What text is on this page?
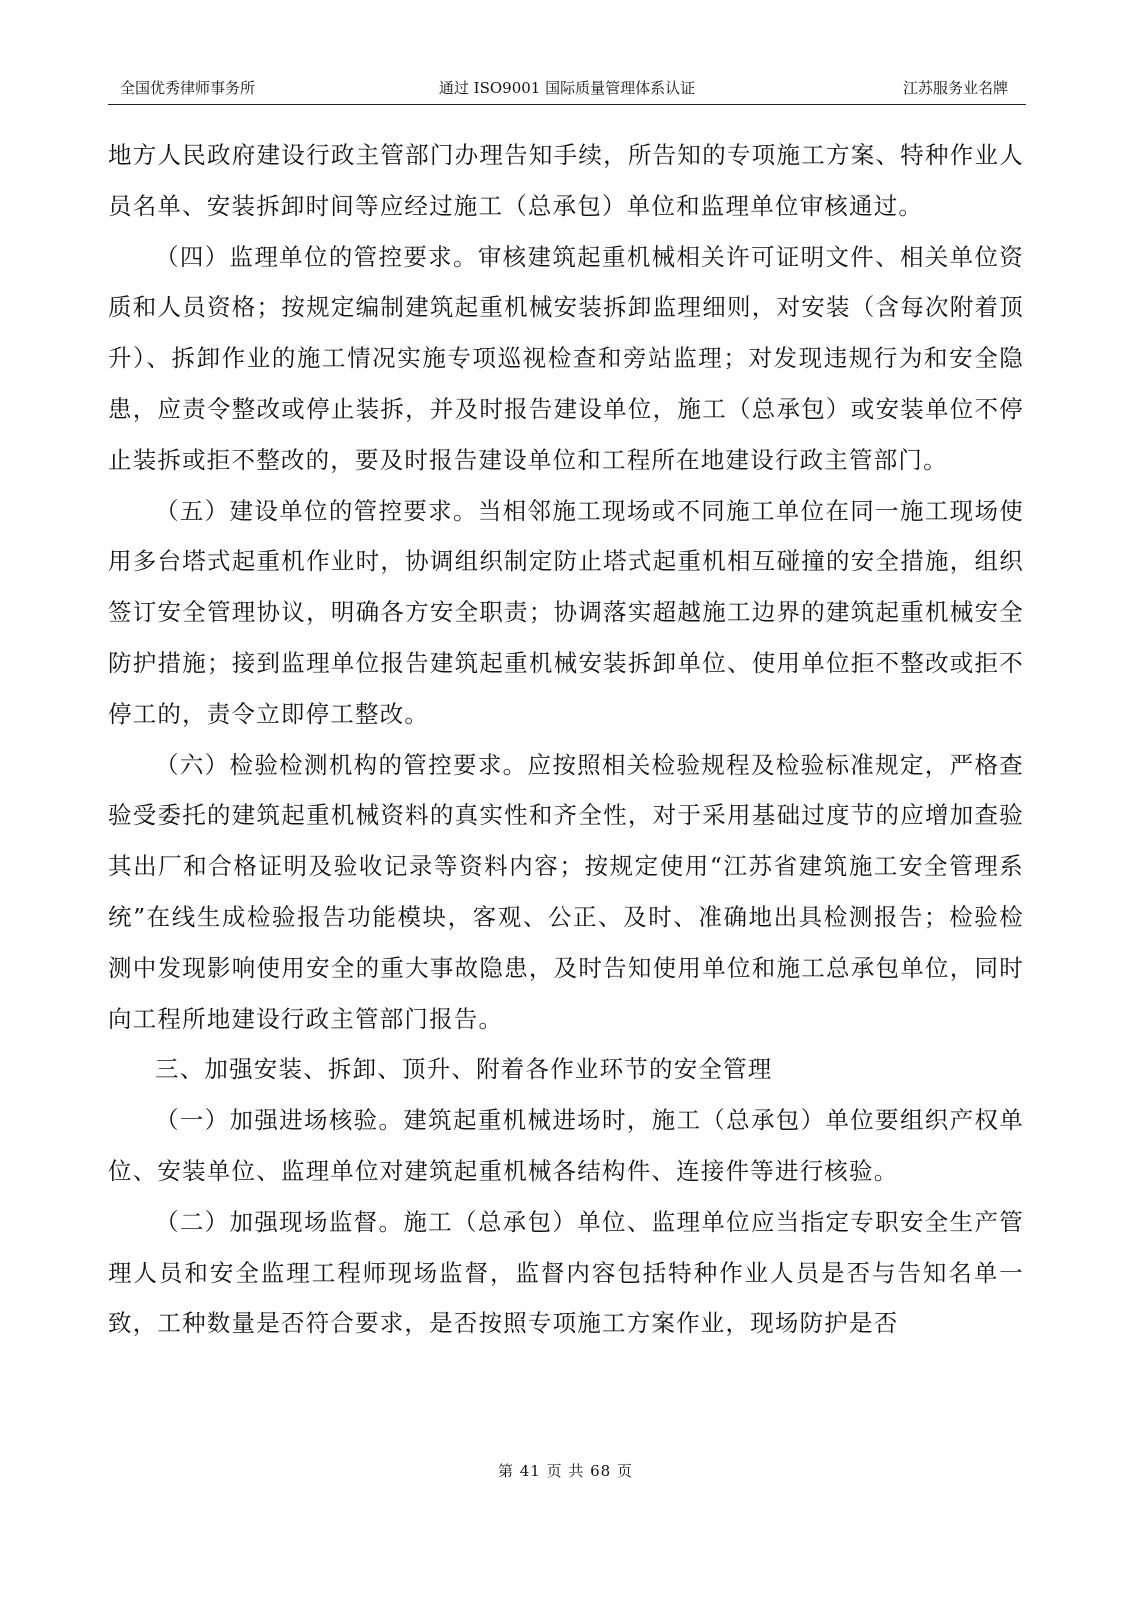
全国优秀律师事务所	通过 ISO9001 国际质量管理体系认证	江苏服务业名牌

地方人民政府建设行政主管部门办理告知手续，所告知的专项施工方案、特种作业人员名单、安装拆卸时间等应经过施工（总承包）单位和监理单位审核通过。

（四）监理单位的管控要求。审核建筑起重机械相关许可证明文件、相关单位资质和人员资格；按规定编制建筑起重机械安装拆卸监理细则，对安装（含每次附着顶升）、拆卸作业的施工情况实施专项巡视检查和旁站监理；对发现违规行为和安全隐患，应责令整改或停止装拆，并及时报告建设单位，施工（总承包）或安装单位不停止装拆或拒不整改的，要及时报告建设单位和工程所在地建设行政主管部门。

（五）建设单位的管控要求。当相邻施工现场或不同施工单位在同一施工现场使用多台塔式起重机作业时，协调组织制定防止塔式起重机相互碰撞的安全措施，组织签订安全管理协议，明确各方安全职责；协调落实超越施工边界的建筑起重机械安全防护措施；接到监理单位报告建筑起重机械安装拆卸单位、使用单位拒不整改或拒不停工的，责令立即停工整改。

（六）检验检测机构的管控要求。应按照相关检验规程及检验标准规定，严格查验受委托的建筑起重机械资料的真实性和齐全性，对于采用基础过度节的应增加查验其出厂和合格证明及验收记录等资料内容；按规定使用“江苏省建筑施工安全管理系统”在线生成检验报告功能模块，客观、公正、及时、准确地出具检测报告；检验检测中发现影响使用安全的重大事故隐患，及时告知使用单位和施工总承包单位，同时向工程所地建设行政主管部门报告。

三、加强安装、拆卸、顶升、附着各作业环节的安全管理

（一）加强进场核验。建筑起重机械进场时，施工（总承包）单位要组织产权单位、安装单位、监理单位对建筑起重机械各结构件、连接件等进行核验。

（二）加强现场监督。施工（总承包）单位、监理单位应当指定专职安全生产管理人员和安全监理工程师现场监督，监督内容包括特种作业人员是否与告知名单一致，工种数量是否符合要求，是否按照专项施工方案作业，现场防护是否

第 41 页 共 68 页
